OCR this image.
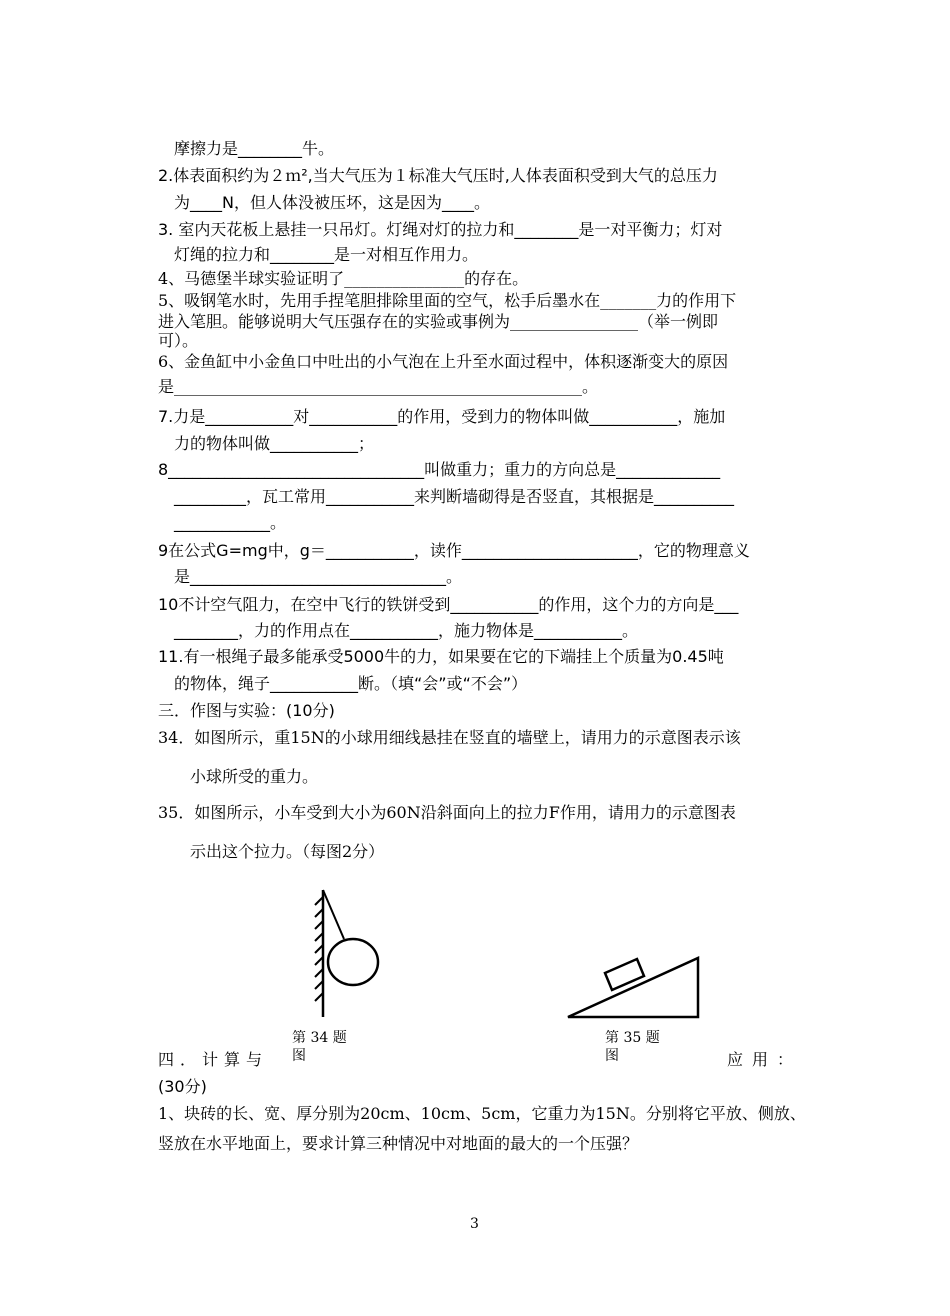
摩擦力是________牛。
2.体表面积约为２ｍ²,当大气压为１标准大气压时,人体表面积受到大气的总压力
为____N，但人体没被压坏，这是因为____。
3. 室内天花板上悬挂一只吊灯。灯绳对灯的拉力和________是一对平衡力；灯对
灯绳的拉力和________是一对相互作用力。
4、马德堡半球实验证明了_______________的存在。
5、吸钢笔水时，先用手捏笔胆排除里面的空气，松手后墨水在_______力的作用下
进入笔胆。能够说明大气压强存在的实验或事例为________________（举一例即
可）。
6、金鱼缸中小金鱼口中吐出的小气泡在上升至水面过程中，体积逐渐变大的原因
是___________________________________________________。
7.力是___________对___________的作用，受到力的物体叫做___________，施加
力的物体叫做___________；
8________________________________叫做重力；重力的方向总是_____________
_________，瓦工常用___________来判断墙砌得是否竖直，其根据是__________
____________。
9在公式G=mg中，g＝___________，读作______________________，它的物理意义
是________________________________。
10不计空气阻力，在空中飞行的铁饼受到___________的作用，这个力的方向是___
________，力的作用点在___________，施力物体是___________。
11.有一根绳子最多能承受5000牛的力，如果要在它的下端挂上个质量为0.45吨
的物体，绳子___________断。（填“会”或“不会”）
三．作图与实验：(10分)
34．如图所示，重15N的小球用细线悬挂在竖直的墙壁上，请用力的示意图表示该
小球所受的重力。
35．如图所示，小车受到大小为60N沿斜面向上的拉力F作用，请用力的示意图表
示出这个拉力。（每图2分）
第 34 题
图
第 35 题
图
四．计算与	应用：
(30分)
1、块砖的长、宽、厚分别为20cm、10cm、5cm，它重力为15N。分别将它平放、侧放、
竖放在水平地面上，要求计算三种情况中对地面的最大的一个压强？
3
